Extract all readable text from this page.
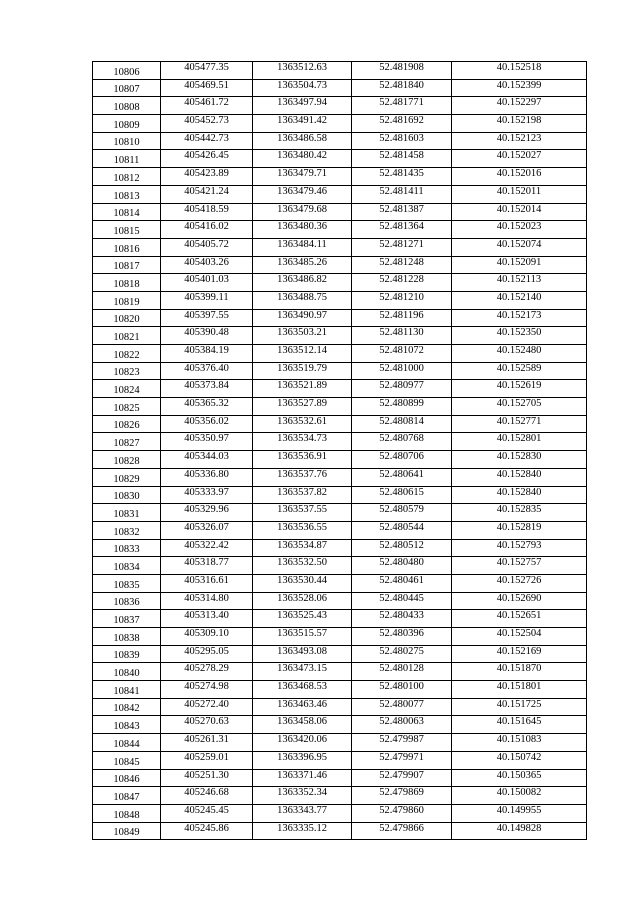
10806	405477.35	1363512.63	52.481908	40.152518
10807	405469.51	1363504.73	52.481840	40.152399
10808	405461.72	1363497.94	52.481771	40.152297
10809	405452.73	1363491.42	52.481692	40.152198
10810	405442.73	1363486.58	52.481603	40.152123
10811	405426.45	1363480.42	52.481458	40.152027
10812	405423.89	1363479.71	52.481435	40.152016
10813	405421.24	1363479.46	52.481411	40.152011
10814	405418.59	1363479.68	52.481387	40.152014
10815	405416.02	1363480.36	52.481364	40.152023
10816	405405.72	1363484.11	52.481271	40.152074
10817	405403.26	1363485.26	52.481248	40.152091
10818	405401.03	1363486.82	52.481228	40.152113
10819	405399.11	1363488.75	52.481210	40.152140
10820	405397.55	1363490.97	52.481196	40.152173
10821	405390.48	1363503.21	52.481130	40.152350
10822	405384.19	1363512.14	52.481072	40.152480
10823	405376.40	1363519.79	52.481000	40.152589
10824	405373.84	1363521.89	52.480977	40.152619
10825	405365.32	1363527.89	52.480899	40.152705
10826	405356.02	1363532.61	52.480814	40.152771
10827	405350.97	1363534.73	52.480768	40.152801
10828	405344.03	1363536.91	52.480706	40.152830
10829	405336.80	1363537.76	52.480641	40.152840
10830	405333.97	1363537.82	52.480615	40.152840
10831	405329.96	1363537.55	52.480579	40.152835
10832	405326.07	1363536.55	52.480544	40.152819
10833	405322.42	1363534.87	52.480512	40.152793
10834	405318.77	1363532.50	52.480480	40.152757
10835	405316.61	1363530.44	52.480461	40.152726
10836	405314.80	1363528.06	52.480445	40.152690
10837	405313.40	1363525.43	52.480433	40.152651
10838	405309.10	1363515.57	52.480396	40.152504
10839	405295.05	1363493.08	52.480275	40.152169
10840	405278.29	1363473.15	52.480128	40.151870
10841	405274.98	1363468.53	52.480100	40.151801
10842	405272.40	1363463.46	52.480077	40.151725
10843	405270.63	1363458.06	52.480063	40.151645
10844	405261.31	1363420.06	52.479987	40.151083
10845	405259.01	1363396.95	52.479971	40.150742
10846	405251.30	1363371.46	52.479907	40.150365
10847	405246.68	1363352.34	52.479869	40.150082
10848	405245.45	1363343.77	52.479860	40.149955
10849	405245.86	1363335.12	52.479866	40.149828
